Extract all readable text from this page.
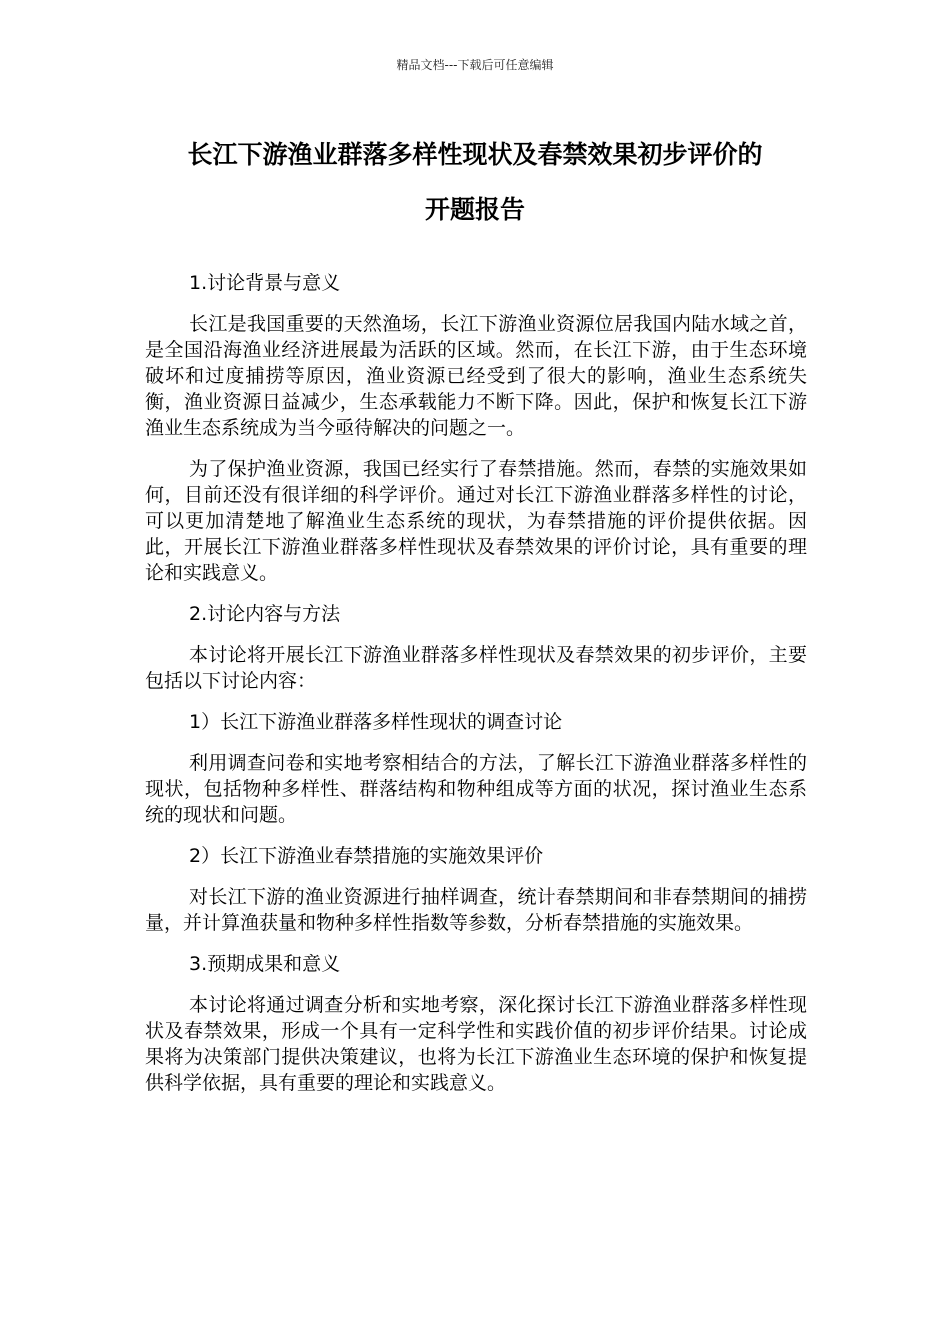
精品文档---下载后可任意编辑
长江下游渔业群落多样性现状及春禁效果初步评价的
开题报告

1.讨论背景与意义

长江是我国重要的天然渔场，长江下游渔业资源位居我国内陆水域之首，是全国沿海渔业经济进展最为活跃的区域。然而，在长江下游，由于生态环境破坏和过度捕捞等原因，渔业资源已经受到了很大的影响，渔业生态系统失衡，渔业资源日益减少，生态承载能力不断下降。因此，保护和恢复长江下游渔业生态系统成为当今亟待解决的问题之一。

为了保护渔业资源，我国已经实行了春禁措施。然而，春禁的实施效果如何，目前还没有很详细的科学评价。通过对长江下游渔业群落多样性的讨论，可以更加清楚地了解渔业生态系统的现状，为春禁措施的评价提供依据。因此，开展长江下游渔业群落多样性现状及春禁效果的评价讨论，具有重要的理论和实践意义。

2.讨论内容与方法

本讨论将开展长江下游渔业群落多样性现状及春禁效果的初步评价，主要包括以下讨论内容：

1）长江下游渔业群落多样性现状的调查讨论

利用调查问卷和实地考察相结合的方法，了解长江下游渔业群落多样性的现状，包括物种多样性、群落结构和物种组成等方面的状况，探讨渔业生态系统的现状和问题。

2）长江下游渔业春禁措施的实施效果评价

对长江下游的渔业资源进行抽样调查，统计春禁期间和非春禁期间的捕捞量，并计算渔获量和物种多样性指数等参数，分析春禁措施的实施效果。

3.预期成果和意义

本讨论将通过调查分析和实地考察，深化探讨长江下游渔业群落多样性现状及春禁效果，形成一个具有一定科学性和实践价值的初步评价结果。讨论成果将为决策部门提供决策建议，也将为长江下游渔业生态环境的保护和恢复提供科学依据，具有重要的理论和实践意义。
